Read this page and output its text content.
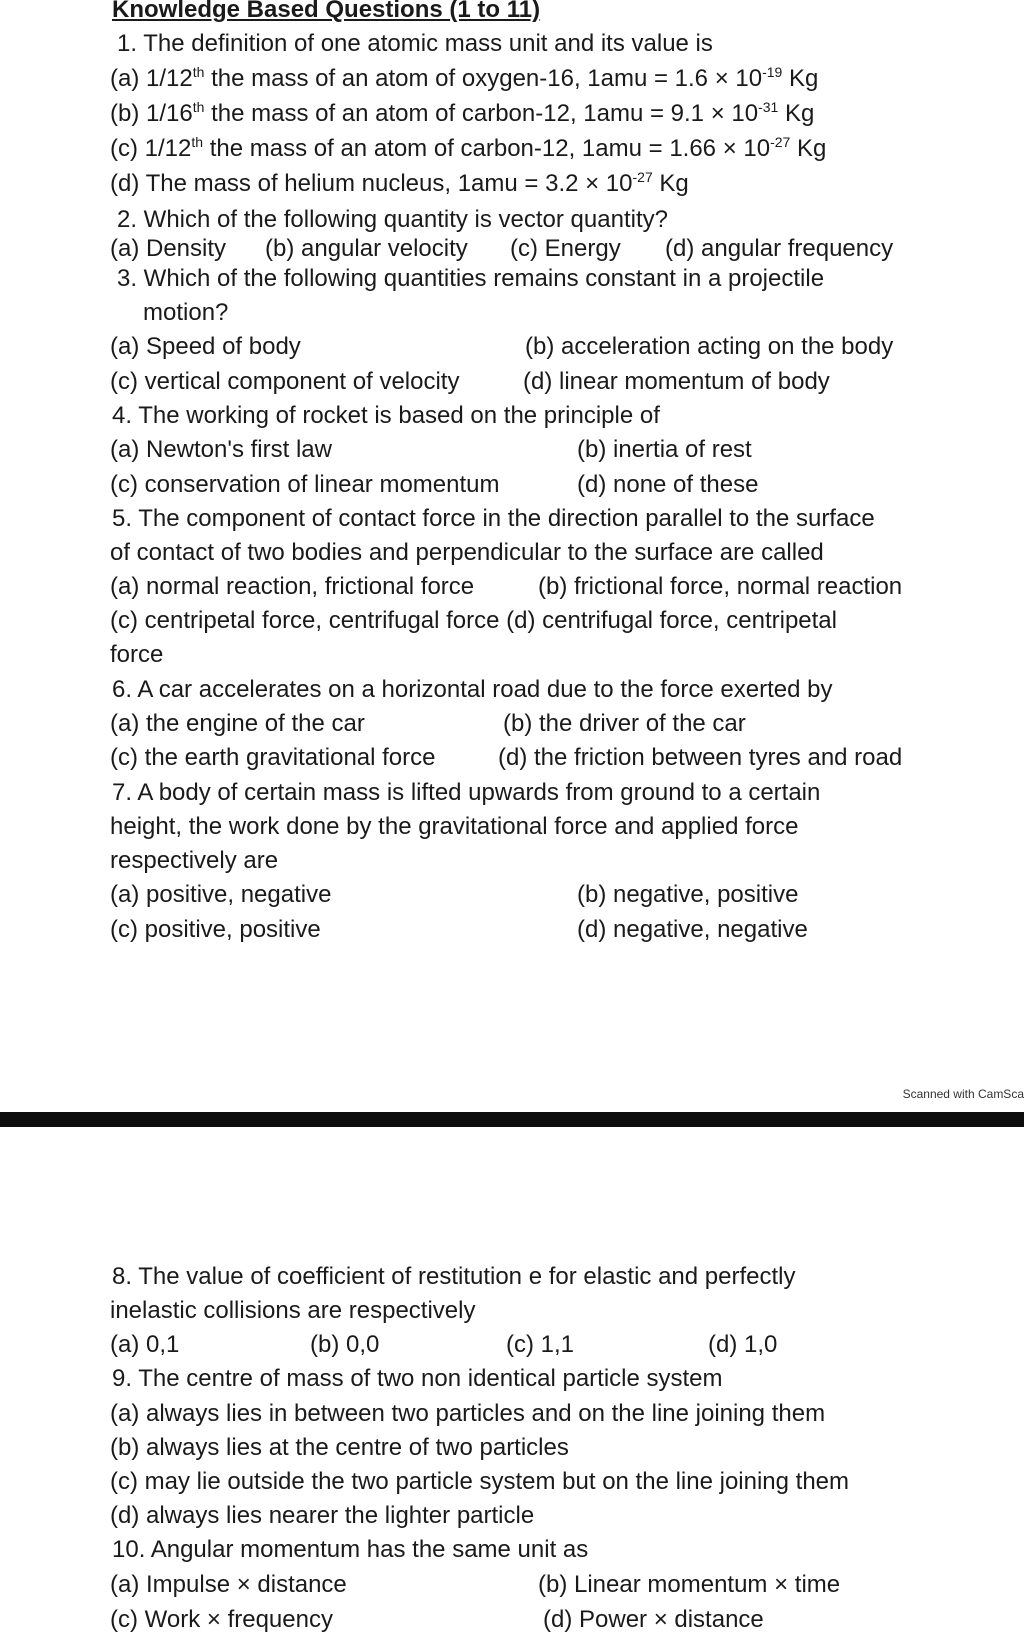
Knowledge Based Questions (1 to 11)
1. The definition of one atomic mass unit and its value is
(a) 1/12th the mass of an atom of oxygen-16, $1amu = 1.6 \times 10^{-19}$ Kg
(b) 1/16th the mass of an atom of carbon-12, $1amu = 9.1 \times 10^{-31}$ Kg
(c) 1/12th the mass of an atom of carbon-12, $1amu = 1.66 \times 10^{-27}$ Kg
(d) The mass of helium nucleus, $1amu = 3.2 \times 10^{-27}$ Kg
2. Which of the following quantity is vector quantity?
(a) Density (b) angular velocity (c) Energy (d) angular frequency
3. Which of the following quantities remains constant in a projectile
motion?
(a) Speed of body	(b) acceleration acting on the body
(c) vertical component of velocity	(d) linear momentum of body
4. The working of rocket is based on the principle of
(a) Newton's first law	(b) inertia of rest
(c) conservation of linear momentum	(d) none of these
5. The component of contact force in the direction parallel to the surface
of contact of two bodies and perpendicular to the surface are called
(a) normal reaction, frictional force	(b) frictional force, normal reaction
(c) centripetal force, centrifugal force (d) centrifugal force, centripetal
force
6. A car accelerates on a horizontal road due to the force exerted by
(a) the engine of the car	(b) the driver of the car
(c) the earth gravitational force	(d) the friction between tyres and road
7. A body of certain mass is lifted upwards from ground to a certain
height, the work done by the gravitational force and applied force
respectively are
(a) positive, negative	(b) negative, positive
(c) positive, positive	(d) negative, negative
Scanned with CamSca
8. The value of coefficient of restitution e for elastic and perfectly
inelastic collisions are respectively
(a) 0,1	(b) 0,0	(c) 1,1	(d) 1,0
9. The centre of mass of two non identical particle system
(a) always lies in between two particles and on the line joining them
(b) always lies at the centre of two particles
(c) may lie outside the two particle system but on the line joining them
(d) always lies nearer the lighter particle
10. Angular momentum has the same unit as
(a) Impulse × distance	(b) Linear momentum × time
(c) Work × frequency	(d) Power × distance
